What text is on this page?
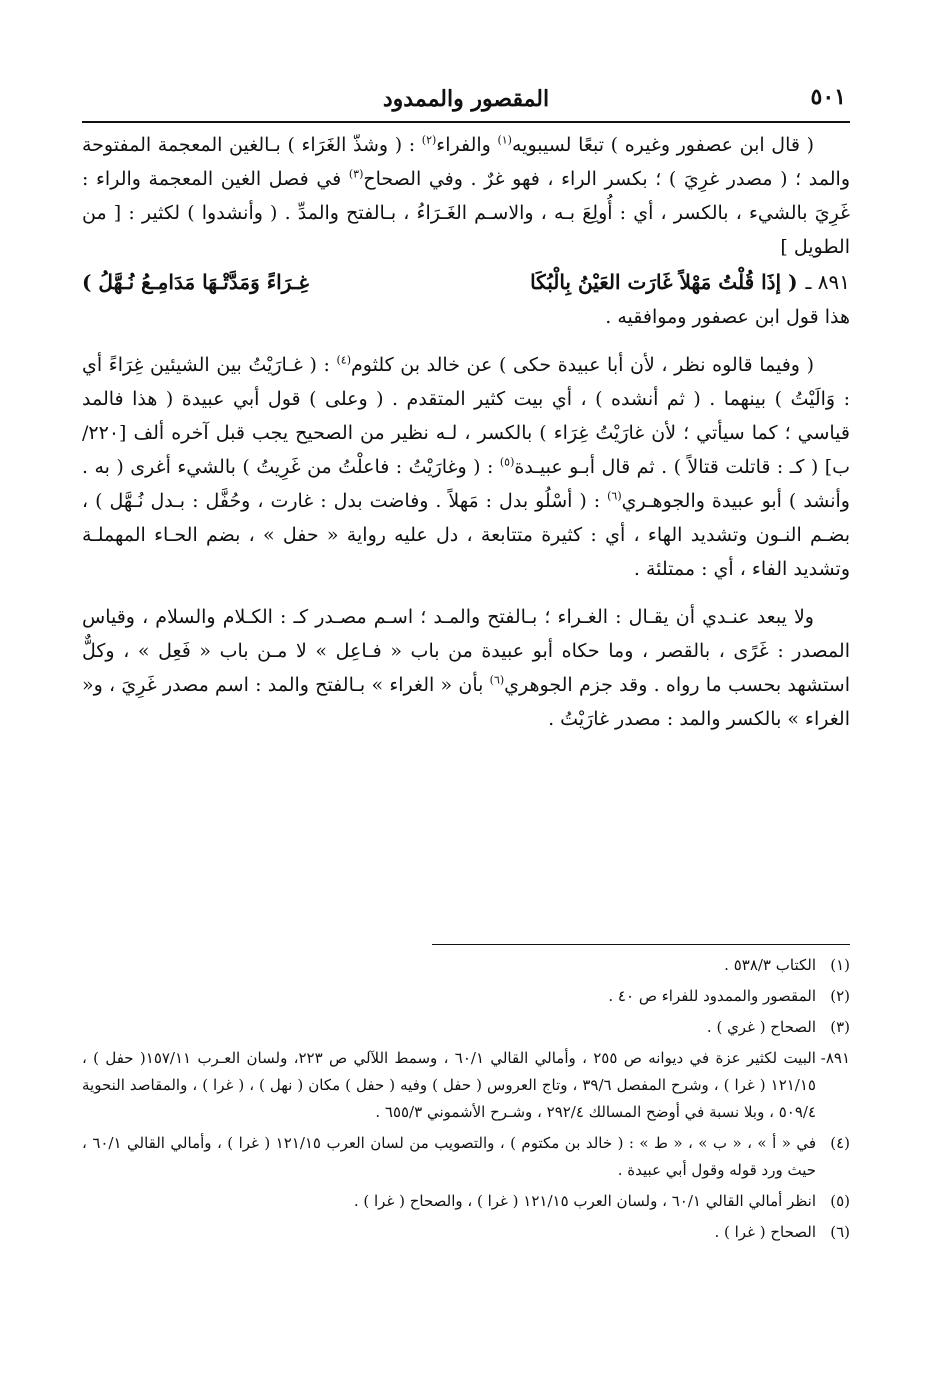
المقصور والممدود	٥٠١

( قال ابن عصفور وغيره ) تبعًا لسيبويه$^{(١)}$ والفراء$^{(٢)}$ : ( وشذّ الغَرَاء ) بـالغين المعجمة المفتوحة والمد ؛ ( مصدر غرِيَ ) ؛ بكسر الراء ، فهو غرٌ . وفي الصحاح$^{(٣)}$ في فصل الغين المعجمة والراء : غَرِيَ بالشيء ، بالكسر ، أي : أُولِعَ بـه ، والاسـم الغَـرَاءُ ، بـالفتح والمدِّ . ( وأنشدوا ) لكثير : [ من الطويل ]

٨٩١ ـ( إذَا قُلْتُ مَهْلاً غَارَت العَيْنُ بِالْبُكَا
غِـرَاءً وَمَدَّتْـهَا مَدَامِـعُ نُـهَّلُ )

هذا قول ابن عصفور وموافقيه .

( وفيما قالوه نظر ، لأن أبا عبيدة حكى ) عن خالد بن كلثوم$^{(٤)}$ : ( غـارَيْتُ بين الشيئين غِرَاءً أي : وَالَيْتُ ) بينهما . ( ثم أنشده ) ، أي بيت كثير المتقدم . ( وعلى ) قول أبي عبيدة ( هذا فالمد قياسي ؛ كما سيأتي ؛ لأن غارَيْتُ غِرَاء ) بالكسر ، لـه نظير من الصحيح يجب قبل آخره ألف [٢٢٠/ب] ( كـ : قاتلت قتالاً ) . ثم قال أبـو عبيـدة$^{(٥)}$ : ( وغارَيْتُ : فاعلْتُ من غَرِيتُ ) بالشيء أغرى ( به . وأنشد ) أبو عبيدة والجوهـري$^{(٦)}$ : ( أسْلُو بدل : مَهلاً . وفاضت بدل : غارت ، وحُفَّل : بـدل نُـهَّل ) ، بضـم النـون وتشديد الهاء ، أي : كثيرة متتابعة ، دل عليه رواية « حفل » ، بضم الحـاء المهملـة وتشديد الفاء ، أي : ممتلئة .

ولا يبعد عنـدي أن يقـال : الغـراء ؛ بـالفتح والمـد ؛ اسـم مصـدر كـ : الكـلام والسلام ، وقياس المصدر : غَرًى ، بالقصر ، وما حكاه أبو عبيدة من باب « فـاعِل » لا مـن باب « فَعِل » ، وكلٌّ استشهد بحسب ما رواه . وقد جزم الجوهري$^{(٦)}$ بأن « الغراء » بـالفتح والمد : اسم مصدر غَرِيَ ، و« الغراء » بالكسر والمد : مصدر غارَيْتُ .

(١)
الكتاب ٥٣٨/٣ .
(٢)
المقصور والممدود للفراء ص ٤٠ .
(٣)
الصحاح ( غري ) .
٨٩١-
البيت لكثير عزة في ديوانه ص ٢٥٥ ، وأمالي القالي ٦٠/١ ، وسمط اللآلي ص ٢٢٣، ولسان العـرب ١٥٧/١١( حفل ) ، ١٢١/١٥ ( غرا ) ، وشرح المفصل ٣٩/٦ ، وتاج العروس ( حفل ) وفيه ( حفل ) مكان ( نهل ) ، ( غرا ) ، والمقاصد النحوية ٥٠٩/٤ ، وبلا نسبة في أوضح المسالك ٢٩٢/٤ ، وشـرح الأشموني ٦٥٥/٣ .
(٤)
في « أ » ، « ب » ، « ط » : ( خالد بن مكتوم ) ، والتصويب من لسان العرب ١٢١/١٥ ( غرا ) ، وأمالي القالي ٦٠/١ ، حيث ورد قوله وقول أبي عبيدة .
(٥)
انظر أمالي القالي ٦٠/١ ، ولسان العرب ١٢١/١٥ ( غرا ) ، والصحاح ( غرا ) .
(٦)
الصحاح ( غرا ) .
